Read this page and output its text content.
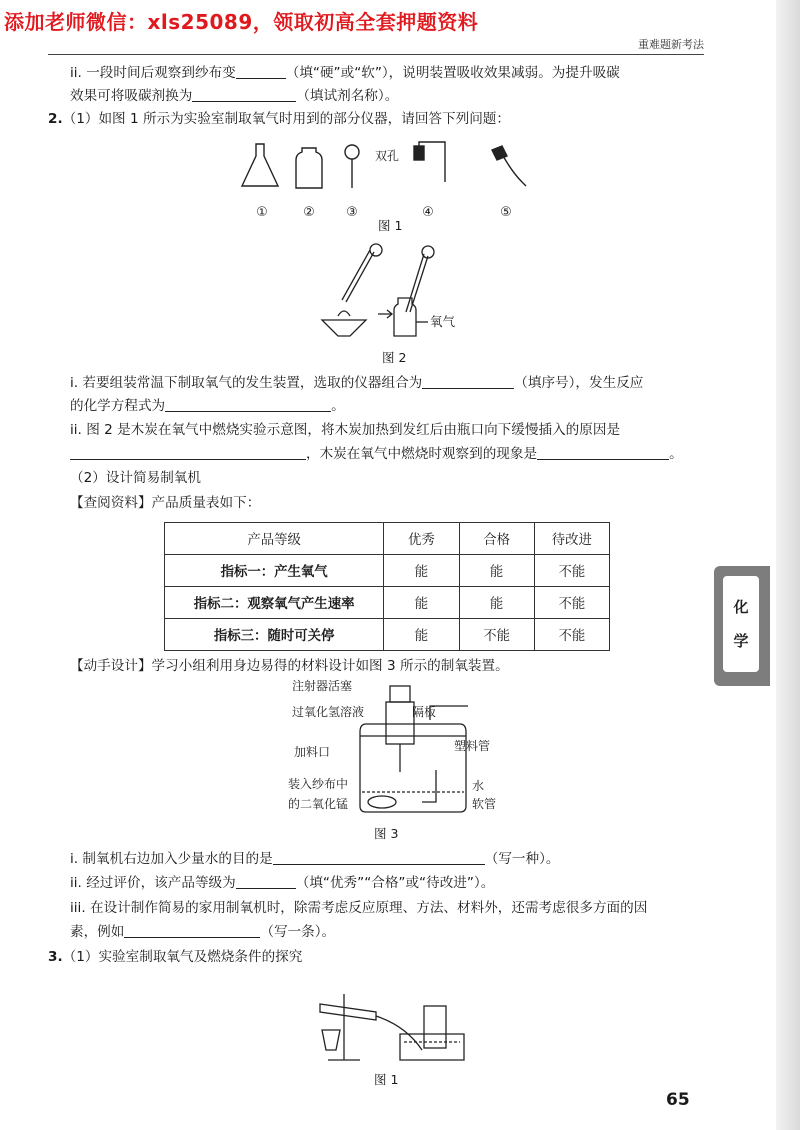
添加老师微信：xls25089，领取初高全套押题资料
重难题新考法
ii. 一段时间后观察到纱布变	（填“硬”或“软”），说明装置吸收效果减弱。为提升吸碳
效果可将吸碳剂换为	（填试剂名称）。
2.（1）如图 1 所示为实验室制取氧气时用到的部分仪器，请回答下列问题：
双孔
①	② ③	④	⑤
图 1
氧气
图 2
i. 若要组装常温下制取氧气的发生装置，选取的仪器组合为	（填序号），发生反应
的化学方程式为	。
ii. 图 2 是木炭在氧气中燃烧实验示意图，将木炭加热到发红后由瓶口向下缓慢插入的原因是
，木炭在氧气中燃烧时观察到的现象是	。
（2）设计简易制氧机
【查阅资料】产品质量表如下：
产品等级	优秀	合格	待改进
指标一：产生氧气	能	能	不能
指标二：观察氧气产生速率	能	能	不能
指标三：随时可关停	能	不能	不能
【动手设计】学习小组利用身边易得的材料设计如图 3 所示的制氧装置。
注射器活塞
过氧化氢溶液	隔板
塑料管
加料口
装入纱布中
的二氧化锰
水
软管
图 3
i. 制氧机右边加入少量水的目的是	（写一种）。
ii. 经过评价，该产品等级为	（填“优秀”“合格”或“待改进”）。
iii. 在设计制作简易的家用制氧机时，除需考虑反应原理、方法、材料外，还需考虑很多方面的因
素，例如	（写一条）。
3.（1）实验室制取氧气及燃烧条件的探究
图 1
化
学
65
